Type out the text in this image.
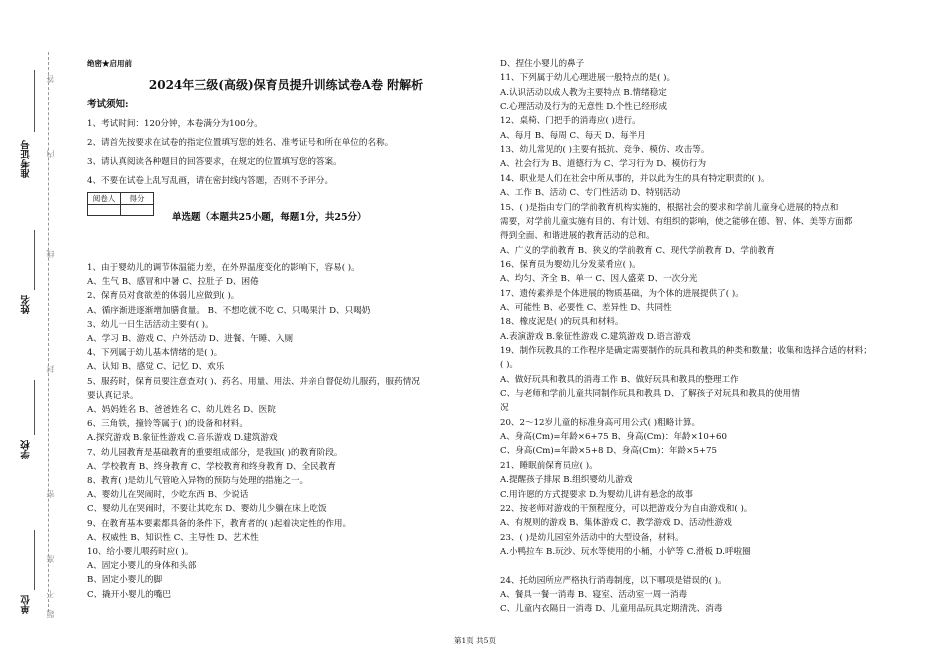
准考证号
姓名
学校
单位
密
封
线
内
不
准
答
题
绝密★启用前
2024年三级(高级)保育员提升训练试卷A卷 附解析
考试须知:
1、考试时间：120分钟，本卷满分为100分。
2、请首先按要求在试卷的指定位置填写您的姓名、准考证号和所在单位的名称。
3、请认真阅读各种题目的回答要求，在规定的位置填写您的答案。
4、不要在试卷上乱写乱画，请在密封线内答题，否则不予评分。
阅卷人	得分

单选题（本题共25小题，每题1分，共25分）
1、由于婴幼儿的调节体温能力差，在外界温度变化的影响下，容易( )。
A、生气 B、感冒和中暑 C、拉肚子 D、困倦
2、保育员对食欲差的体弱儿应做到( )。
A、循序渐进逐渐增加膳食量。 B、不想吃就不吃 C、只喝果汁 D、只喝奶
3、幼儿一日生活活动主要有( )。
A、学习 B、游戏 C、户外活动 D、进餐、午睡、入厕
4、下列属于幼儿基本情绪的是( )。
A、认知 B、感觉 C、记忆 D、欢乐
5、服药时，保育员要注意查对( )、药名、用量、用法、并亲自督促幼儿服药，服药情况
要认真记录。
A、妈妈姓名 B、爸爸姓名 C、幼儿姓名 D、医院
6、三角铁，撞铃等属于( )的设备和材料。
A.探究游戏 B.象征性游戏 C.音乐游戏 D.建筑游戏
7、幼儿园教育是基础教育的重要组成部分，是我国( )的教育阶段。
A、学校教育 B、终身教育 C、学校教育和终身教育 D、全民教育
8、教育( )是幼儿气管呛入异物的预防与处理的措施之一。
A、婴幼儿在哭闹时，少吃东西 B、少说话
C、婴幼儿在哭闹时，不要让其吃东 D、婴幼儿少躺在床上吃饭
9、在教育基本要素都具备的条件下，教育者的( )起着决定性的作用。
A、权威性 B、知识性 C、主导性 D、艺术性
10、给小婴儿喂药时应( )。
A、固定小婴儿的身体和头部
B、固定小婴儿的脚
C、撬开小婴儿的嘴巴
D、捏住小婴儿的鼻子
11、下列属于幼儿心理进展一般特点的是( )。
A.认识活动以成人教为主要特点 B.情绪稳定
C.心理活动及行为的无意性 D.个性已经形成
12、桌椅、门把手的消毒应( )进行。
A、每月 B、每周 C、每天 D、每半月
13、幼儿常见的( )主要有抵抗、竞争、模仿、攻击等。
A、社会行为 B、道德行为 C、学习行为 D、模仿行为
14、职业是人们在社会中所从事的，并以此为生的具有特定职责的( )。
A、工作 B、活动 C、专门性活动 D、特别活动
15、( )是指由专门的学前教育机构实施的，根据社会的要求和学前儿童身心进展的特点和
需要，对学前儿童实施有目的、有计划、有组织的影响，使之能够在德、智、体、美等方面都
得到全面、和谐进展的教育活动的总和。
A、广义的学前教育 B、狭义的学前教育 C、现代学前教育 D、学前教育
16、保育员为婴幼儿分发菜肴应( )。
A、均匀、齐全 B、单一 C、因人盛菜 D、一次分光
17、遗传素养是个体进展的物质基础，为个体的进展提供了( )。
A、可能性 B、必要性 C、差异性 D、共同性
18、橡皮泥是( )的玩具和材料。
A.表演游戏 B.象征性游戏 C.建筑游戏 D.语言游戏
19、制作玩教具的工作程序是确定需要制作的玩具和教具的种类和数量；收集和选择合适的材料；
( )。
A、做好玩具和教具的消毒工作 B、做好玩具和教具的整理工作
C、与老师和学前儿童共同制作玩具和教具 D、了解孩子对玩具和教具的使用情
况
20、2～12岁儿童的标准身高可用公式( )粗略计算。
A、身高(Cm)=年龄×6+75 B、身高(Cm)：年龄×10+60
C、身高(Cm)=年龄×5+8 D、身高(Cm)：年龄×5+75
21、睡眠前保育员应( )。
A.提醒孩子排尿 B.组织婴幼儿游戏
C.用许愿的方式提要求 D.为婴幼儿讲有悬念的故事
22、按老师对游戏的干预程度分，可以把游戏分为自由游戏和( )。
A、有规则的游戏 B、集体游戏 C、教学游戏 D、活动性游戏
23、( )是幼儿园室外活动中的大型设备，材料。
A.小鸭拉车 B.玩沙、玩水等使用的小桶，小铲等 C.滑板 D.呼啦圈
24、托幼园所应严格执行消毒制度，以下哪项是错误的( )。
A、餐具一餐一消毒 B、寝室、活动室一周一消毒
C、儿童内衣隔日一消毒 D、儿童用品玩具定期清洗、消毒
第1页 共5页
